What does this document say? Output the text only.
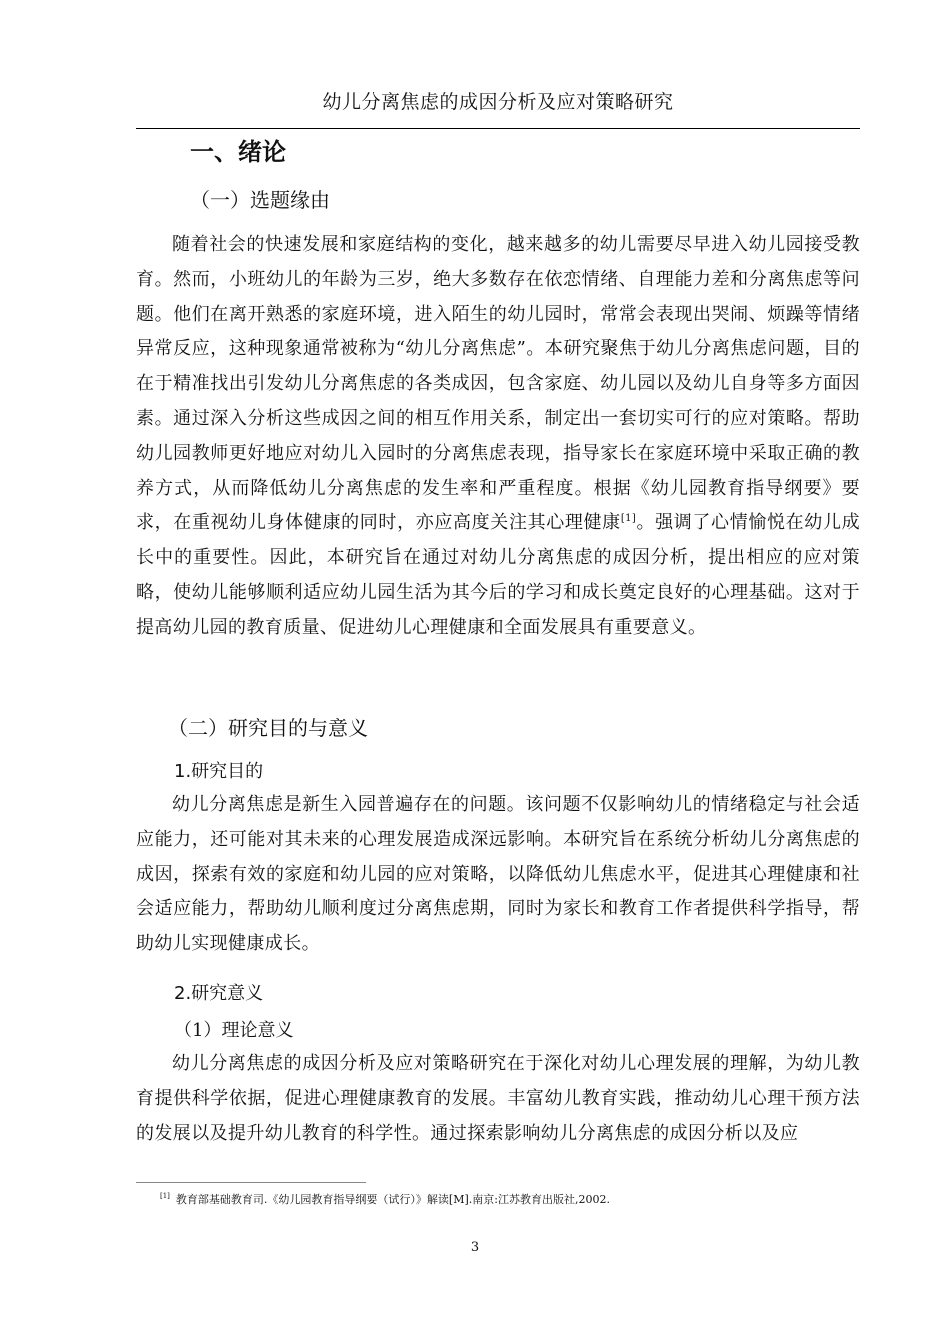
幼儿分离焦虑的成因分析及应对策略研究
一、绪论
（一）选题缘由
随着社会的快速发展和家庭结构的变化，越来越多的幼儿需要尽早进入幼儿园接受教育。然而，小班幼儿的年龄为三岁，绝大多数存在依恋情绪、自理能力差和分离焦虑等问题。他们在离开熟悉的家庭环境，进入陌生的幼儿园时，常常会表现出哭闹、烦躁等情绪异常反应，这种现象通常被称为“幼儿分离焦虑”。本研究聚焦于幼儿分离焦虑问题，目的在于精准找出引发幼儿分离焦虑的各类成因，包含家庭、幼儿园以及幼儿自身等多方面因素。通过深入分析这些成因之间的相互作用关系，制定出一套切实可行的应对策略。帮助幼儿园教师更好地应对幼儿入园时的分离焦虑表现，指导家长在家庭环境中采取正确的教养方式，从而降低幼儿分离焦虑的发生率和严重程度。根据《幼儿园教育指导纲要》要求，在重视幼儿身体健康的同时，亦应高度关注其心理健康[1]。强调了心情愉悦在幼儿成长中的重要性。因此，本研究旨在通过对幼儿分离焦虑的成因分析，提出相应的应对策略，使幼儿能够顺利适应幼儿园生活为其今后的学习和成长奠定良好的心理基础。这对于提高幼儿园的教育质量、促进幼儿心理健康和全面发展具有重要意义。
（二）研究目的与意义
1.研究目的
幼儿分离焦虑是新生入园普遍存在的问题。该问题不仅影响幼儿的情绪稳定与社会适应能力，还可能对其未来的心理发展造成深远影响。本研究旨在系统分析幼儿分离焦虑的成因，探索有效的家庭和幼儿园的应对策略，以降低幼儿焦虑水平，促进其心理健康和社会适应能力，帮助幼儿顺利度过分离焦虑期，同时为家长和教育工作者提供科学指导，帮助幼儿实现健康成长。
2.研究意义
（1）理论意义
幼儿分离焦虑的成因分析及应对策略研究在于深化对幼儿心理发展的理解，为幼儿教育提供科学依据，促进心理健康教育的发展。丰富幼儿教育实践，推动幼儿心理干预方法的发展以及提升幼儿教育的科学性。通过探索影响幼儿分离焦虑的成因分析以及应
[1] 教育部基础教育司.《幼儿园教育指导纲要（试行）》解读[M].南京:江苏教育出版社,2002.
3
